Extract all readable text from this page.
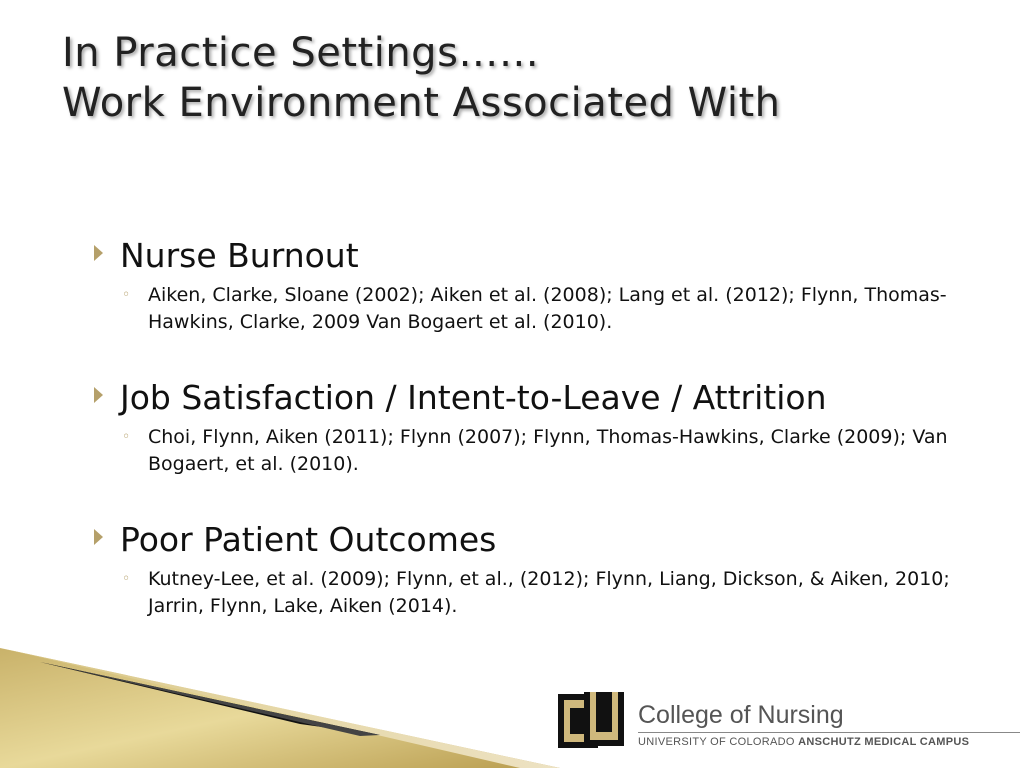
In Practice Settings……
Work Environment Associated With
Nurse Burnout
◦ Aiken, Clarke, Sloane (2002); Aiken et al. (2008); Lang et al. (2012); Flynn, Thomas-Hawkins, Clarke, 2009 Van Bogaert et al. (2010).
Job Satisfaction / Intent-to-Leave / Attrition
◦ Choi, Flynn, Aiken (2011); Flynn (2007); Flynn, Thomas-Hawkins, Clarke (2009); Van Bogaert, et al. (2010).
Poor Patient Outcomes
◦ Kutney-Lee, et al. (2009); Flynn, et al., (2012); Flynn, Liang, Dickson, & Aiken, 2010; Jarrin, Flynn, Lake, Aiken (2014).
College of Nursing
UNIVERSITY OF COLORADO ANSCHUTZ MEDICAL CAMPUS
